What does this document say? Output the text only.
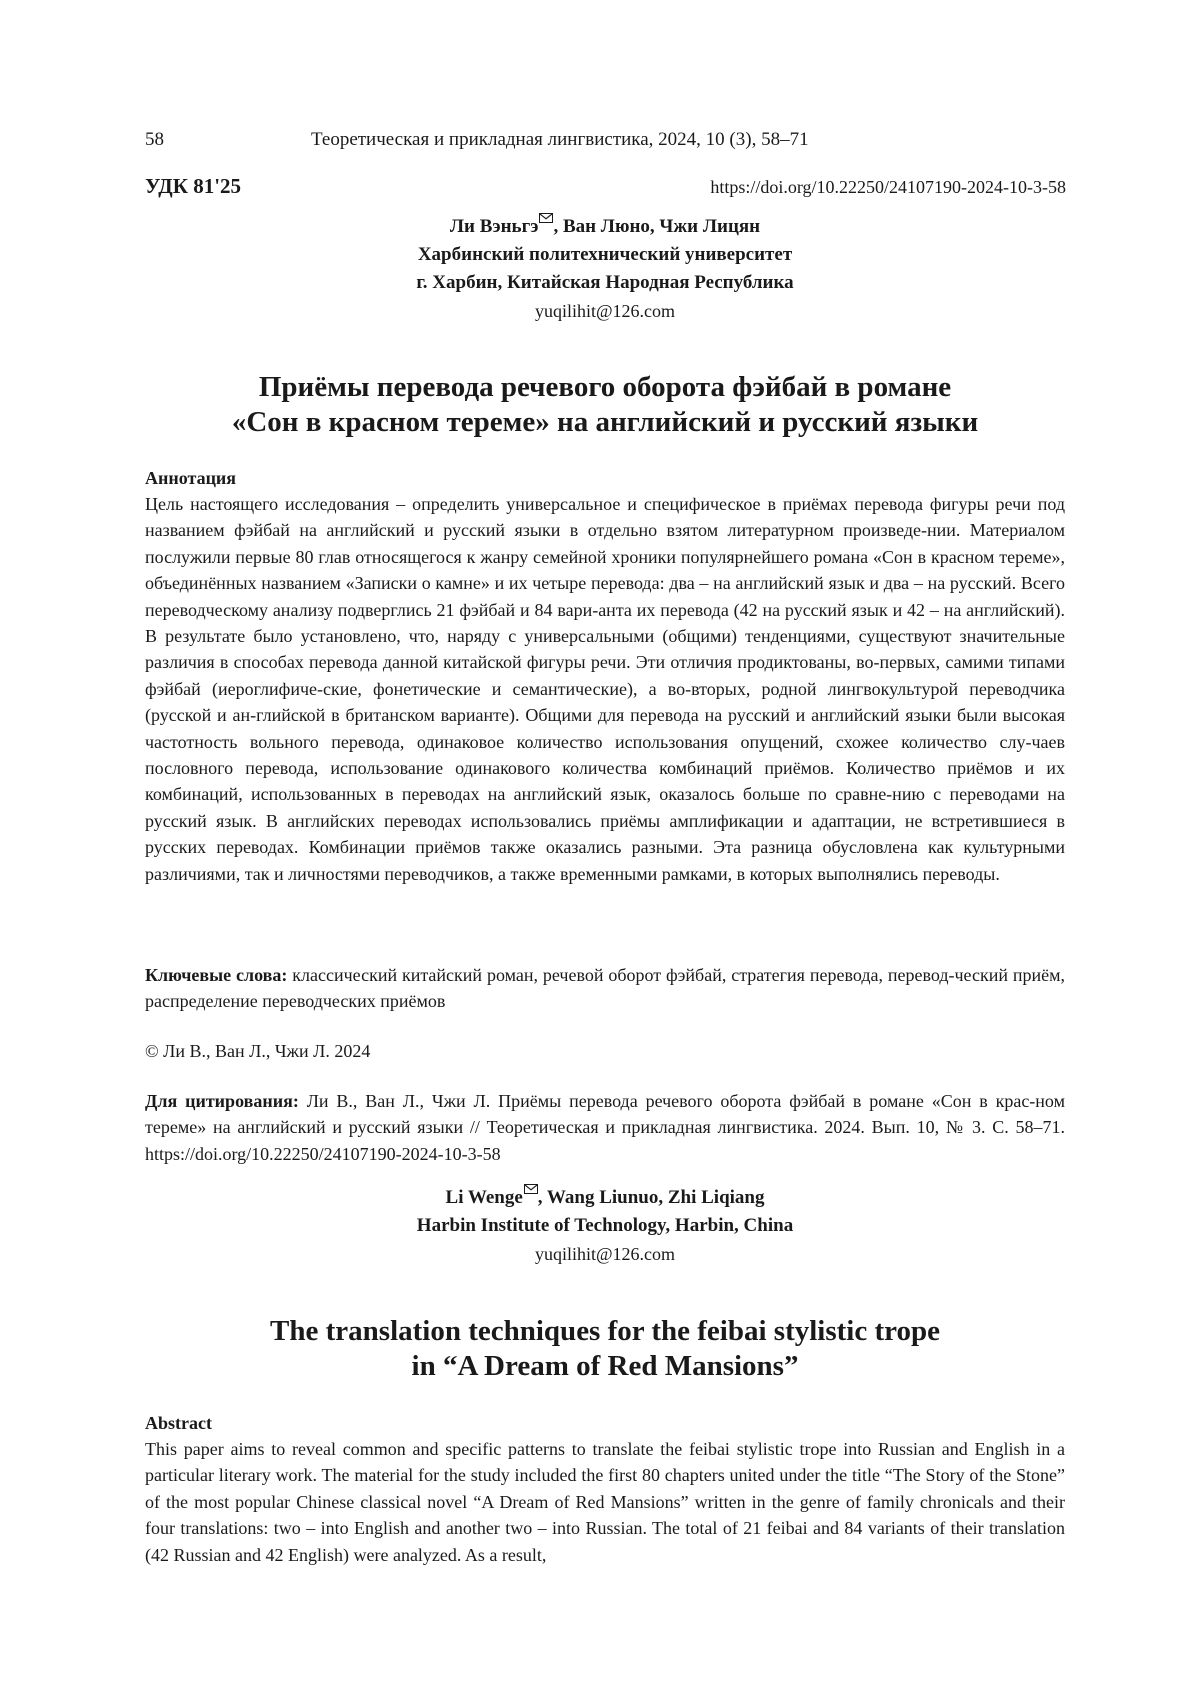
58	Теоретическая и прикладная лингвистика, 2024, 10 (3), 58–71
УДК 81'25	https://doi.org/10.22250/24107190-2024-10-3-58
Ли Вэньгэ , Ван Люно, Чжи Лицян
Харбинский политехнический университет
г. Харбин, Китайская Народная Республика
yuqilihit@126.com
Приёмы перевода речевого оборота фэйбай в романе
«Сон в красном тереме» на английский и русский языки
Аннотация
Цель настоящего исследования – определить универсальное и специфическое в приёмах перевода фигуры речи под названием фэйбай на английский и русский языки в отдельно взятом литературном произведе-нии. Материалом послужили первые 80 глав относящегося к жанру семейной хроники популярнейшего романа «Сон в красном тереме», объединённых названием «Записки о камне» и их четыре перевода: два – на английский язык и два – на русский. Всего переводческому анализу подверглись 21 фэйбай и 84 вари-анта их перевода (42 на русский язык и 42 – на английский). В результате было установлено, что, наряду с универсальными (общими) тенденциями, существуют значительные различия в способах перевода данной китайской фигуры речи. Эти отличия продиктованы, во-первых, самими типами фэйбай (иероглифиче-ские, фонетические и семантические), а во-вторых, родной лингвокультурой переводчика (русской и ан-глийской в британском варианте). Общими для перевода на русский и английский языки были высокая частотность вольного перевода, одинаковое количество использования опущений, схожее количество слу-чаев пословного перевода, использование одинакового количества комбинаций приёмов. Количество приёмов и их комбинаций, использованных в переводах на английский язык, оказалось больше по сравне-нию с переводами на русский язык. В английских переводах использовались приёмы амплификации и адаптации, не встретившиеся в русских переводах. Комбинации приёмов также оказались разными. Эта разница обусловлена как культурными различиями, так и личностями переводчиков, а также временными рамками, в которых выполнялись переводы.
Ключевые слова: классический китайский роман, речевой оборот фэйбай, стратегия перевода, перевод-ческий приём, распределение переводческих приёмов
© Ли В., Ван Л., Чжи Л. 2024
Для цитирования: Ли В., Ван Л., Чжи Л. Приёмы перевода речевого оборота фэйбай в романе «Сон в крас-ном тереме» на английский и русский языки // Теоретическая и прикладная лингвистика. 2024. Вып. 10, № 3. С. 58–71. https://doi.org/10.22250/24107190-2024-10-3-58
Li Wenge , Wang Liunuo, Zhi Liqiang
Harbin Institute of Technology, Harbin, China
yuqilihit@126.com
The translation techniques for the feibai stylistic trope
in “A Dream of Red Mansions”
Abstract
This paper aims to reveal common and specific patterns to translate the feibai stylistic trope into Russian and English in a particular literary work. The material for the study included the first 80 chapters united under the title “The Story of the Stone” of the most popular Chinese classical novel “A Dream of Red Mansions” written in the genre of family chronicals and their four translations: two – into English and another two – into Russian. The total of 21 feibai and 84 variants of their translation (42 Russian and 42 English) were analyzed. As a result,
